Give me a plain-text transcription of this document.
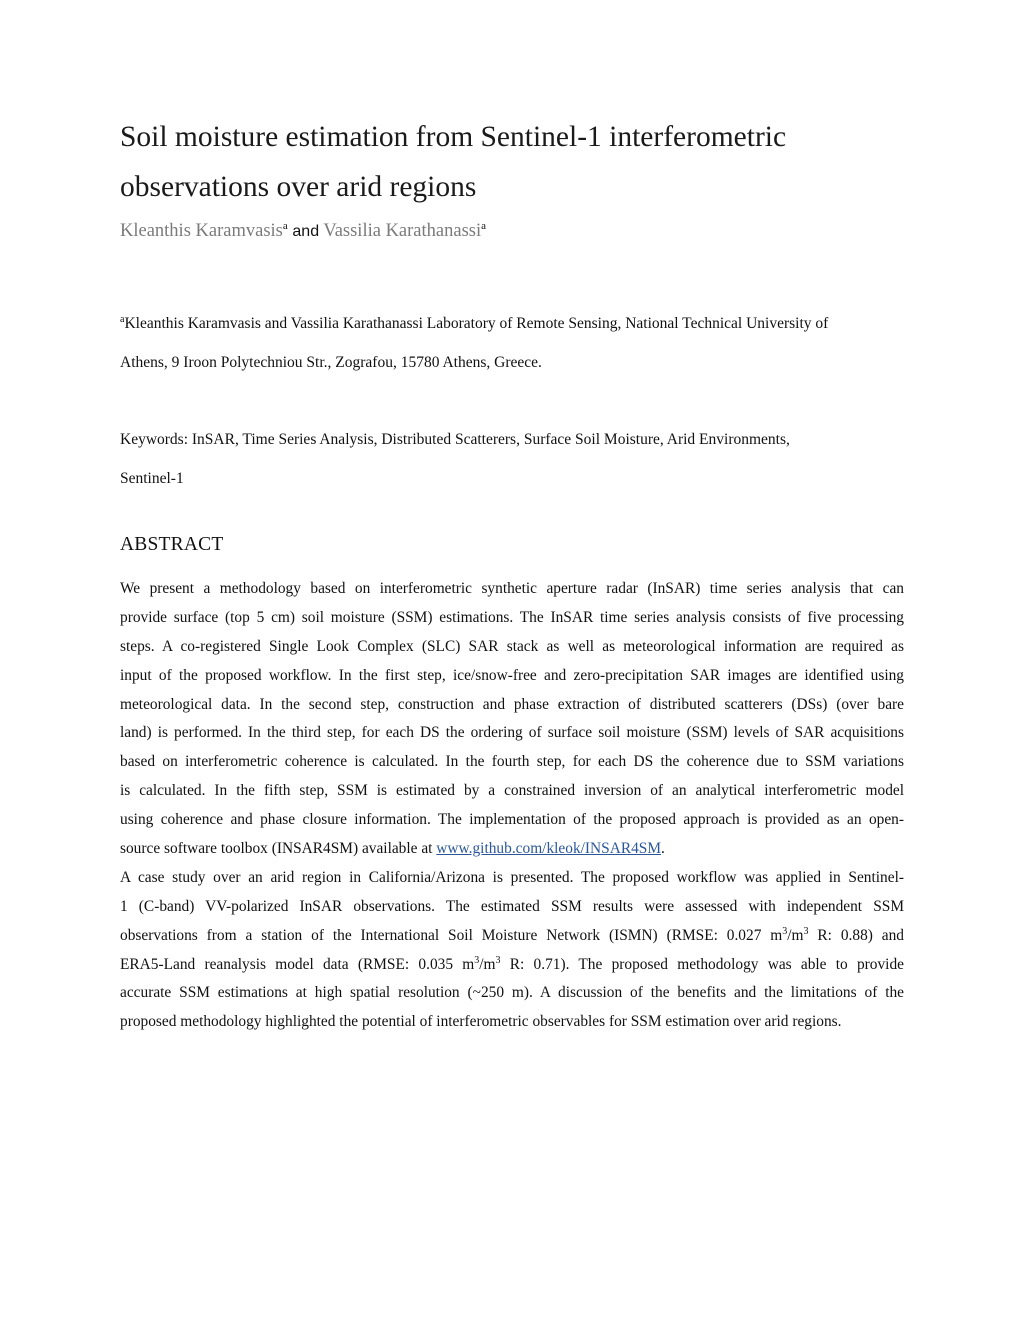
Soil moisture estimation from Sentinel-1 interferometric
observations over arid regions
Kleanthis Karamvasis$^a$ and Vassilia Karathanassi$^a$
$^a$Kleanthis Karamvasis and Vassilia Karathanassi Laboratory of Remote Sensing, National Technical University of
Athens, 9 Iroon Polytechniou Str., Zografou, 15780 Athens, Greece.
Keywords: InSAR, Time Series Analysis, Distributed Scatterers, Surface Soil Moisture, Arid Environments,
Sentinel-1
ABSTRACT
We present a methodology based on interferometric synthetic aperture radar (InSAR) time series analysis that can
provide surface (top 5 cm) soil moisture (SSM) estimations. The InSAR time series analysis consists of five processing
steps. A co-registered Single Look Complex (SLC) SAR stack as well as meteorological information are required as
input of the proposed workflow. In the first step, ice/snow-free and zero-precipitation SAR images are identified using
meteorological data. In the second step, construction and phase extraction of distributed scatterers (DSs) (over bare
land) is performed. In the third step, for each DS the ordering of surface soil moisture (SSM) levels of SAR acquisitions
based on interferometric coherence is calculated. In the fourth step, for each DS the coherence due to SSM variations
is calculated. In the fifth step, SSM is estimated by a constrained inversion of an analytical interferometric model
using coherence and phase closure information. The implementation of the proposed approach is provided as an open-
source software toolbox (INSAR4SM) available at www.github.com/kleok/INSAR4SM.
A case study over an arid region in California/Arizona is presented. The proposed workflow was applied in Sentinel-
1 (C-band) VV-polarized InSAR observations. The estimated SSM results were assessed with independent SSM
observations from a station of the International Soil Moisture Network (ISMN) (RMSE: 0.027 $m^3/m^3$ R: 0.88) and
ERA5-Land reanalysis model data (RMSE: 0.035 $m^3/m^3$ R: 0.71). The proposed methodology was able to provide
accurate SSM estimations at high spatial resolution (~250 m). A discussion of the benefits and the limitations of the
proposed methodology highlighted the potential of interferometric observables for SSM estimation over arid regions.
